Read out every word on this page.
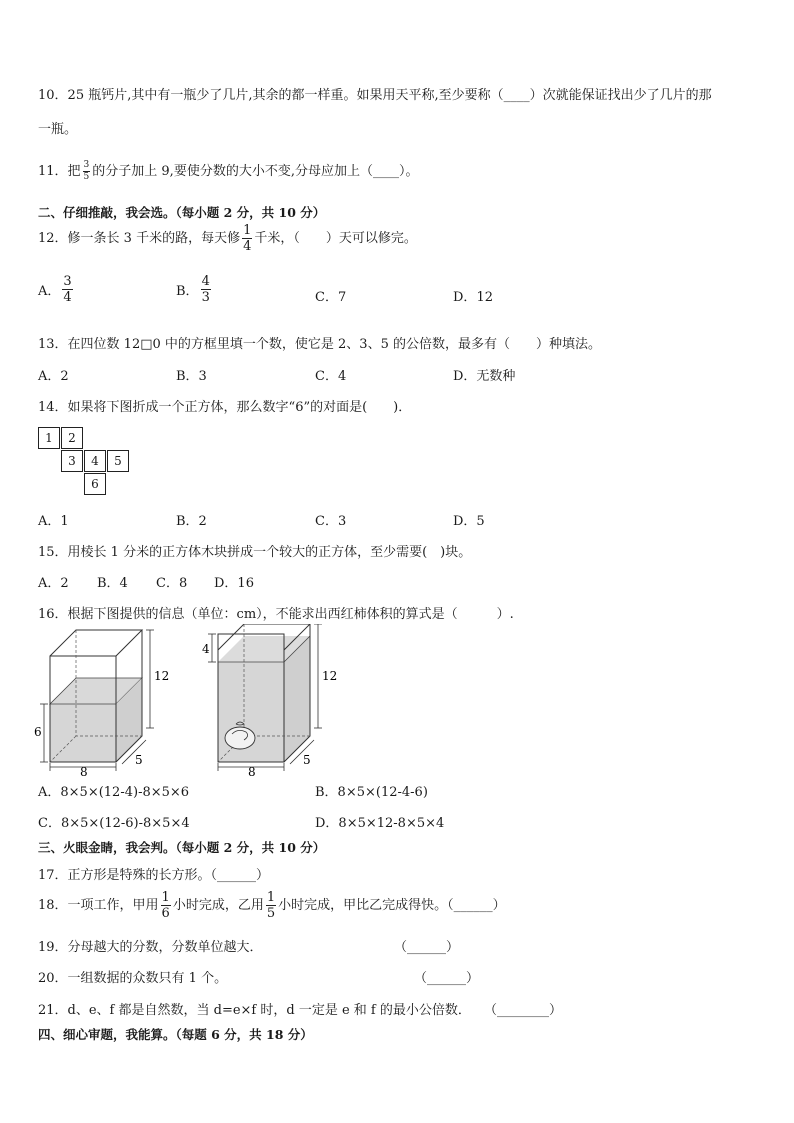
10．25 瓶钙片,其中有一瓶少了几片,其余的都一样重。如果用天平称,至少要称（____）次就能保证找出少了几片的那
一瓶。
11．把 $\frac{3}{5}$ 的分子加上 9,要使分数的大小不变,分母应加上（____）。
二、仔细推敲，我会选。（每小题 2 分，共 10 分）
12．修一条长 3 千米的路，每天修 $\frac{1}{4}$ 千米，（　　）天可以修完。
A． $\frac{3}{4}$	B． $\frac{4}{3}$	C．7	D．12
13．在四位数 12□0 中的方框里填一个数，使它是 2、3、5 的公倍数，最多有（　　）种填法。
A．2	B．3	C．4	D．无数种
14．如果将下图折成一个正方体，那么数字“6”的对面是(　　)．
1	2
3	4	5
6
A．1	B．2	C．3	D．5
15．用棱长 1 分米的正方体木块拼成一个较大的正方体，至少需要(　)块。
A．2 B．4 C．8 D．16
16．根据下图提供的信息（单位：cm），不能求出西红柿体积的算式是（　　　）.
12
6
8
5
4
12
8
5
A．8×5×(12-4)-8×5×6	B．8×5×(12-4-6)
C．8×5×(12-6)-8×5×4	D．8×5×12-8×5×4
三、火眼金睛，我会判。（每小题 2 分，共 10 分）
17．正方形是特殊的长方形。（______）
18．一项工作，甲用 $\frac{1}{6}$ 小时完成，乙用 $\frac{1}{5}$ 小时完成，甲比乙完成得快。（______）
19．分母越大的分数，分数单位越大．	（______）
20．一组数据的众数只有 1 个。	（______）
21．d、e、f 都是自然数，当 d=e×f 时，d 一定是 e 和 f 的最小公倍数． （________）
四、细心审题，我能算。（每题 6 分，共 18 分）
